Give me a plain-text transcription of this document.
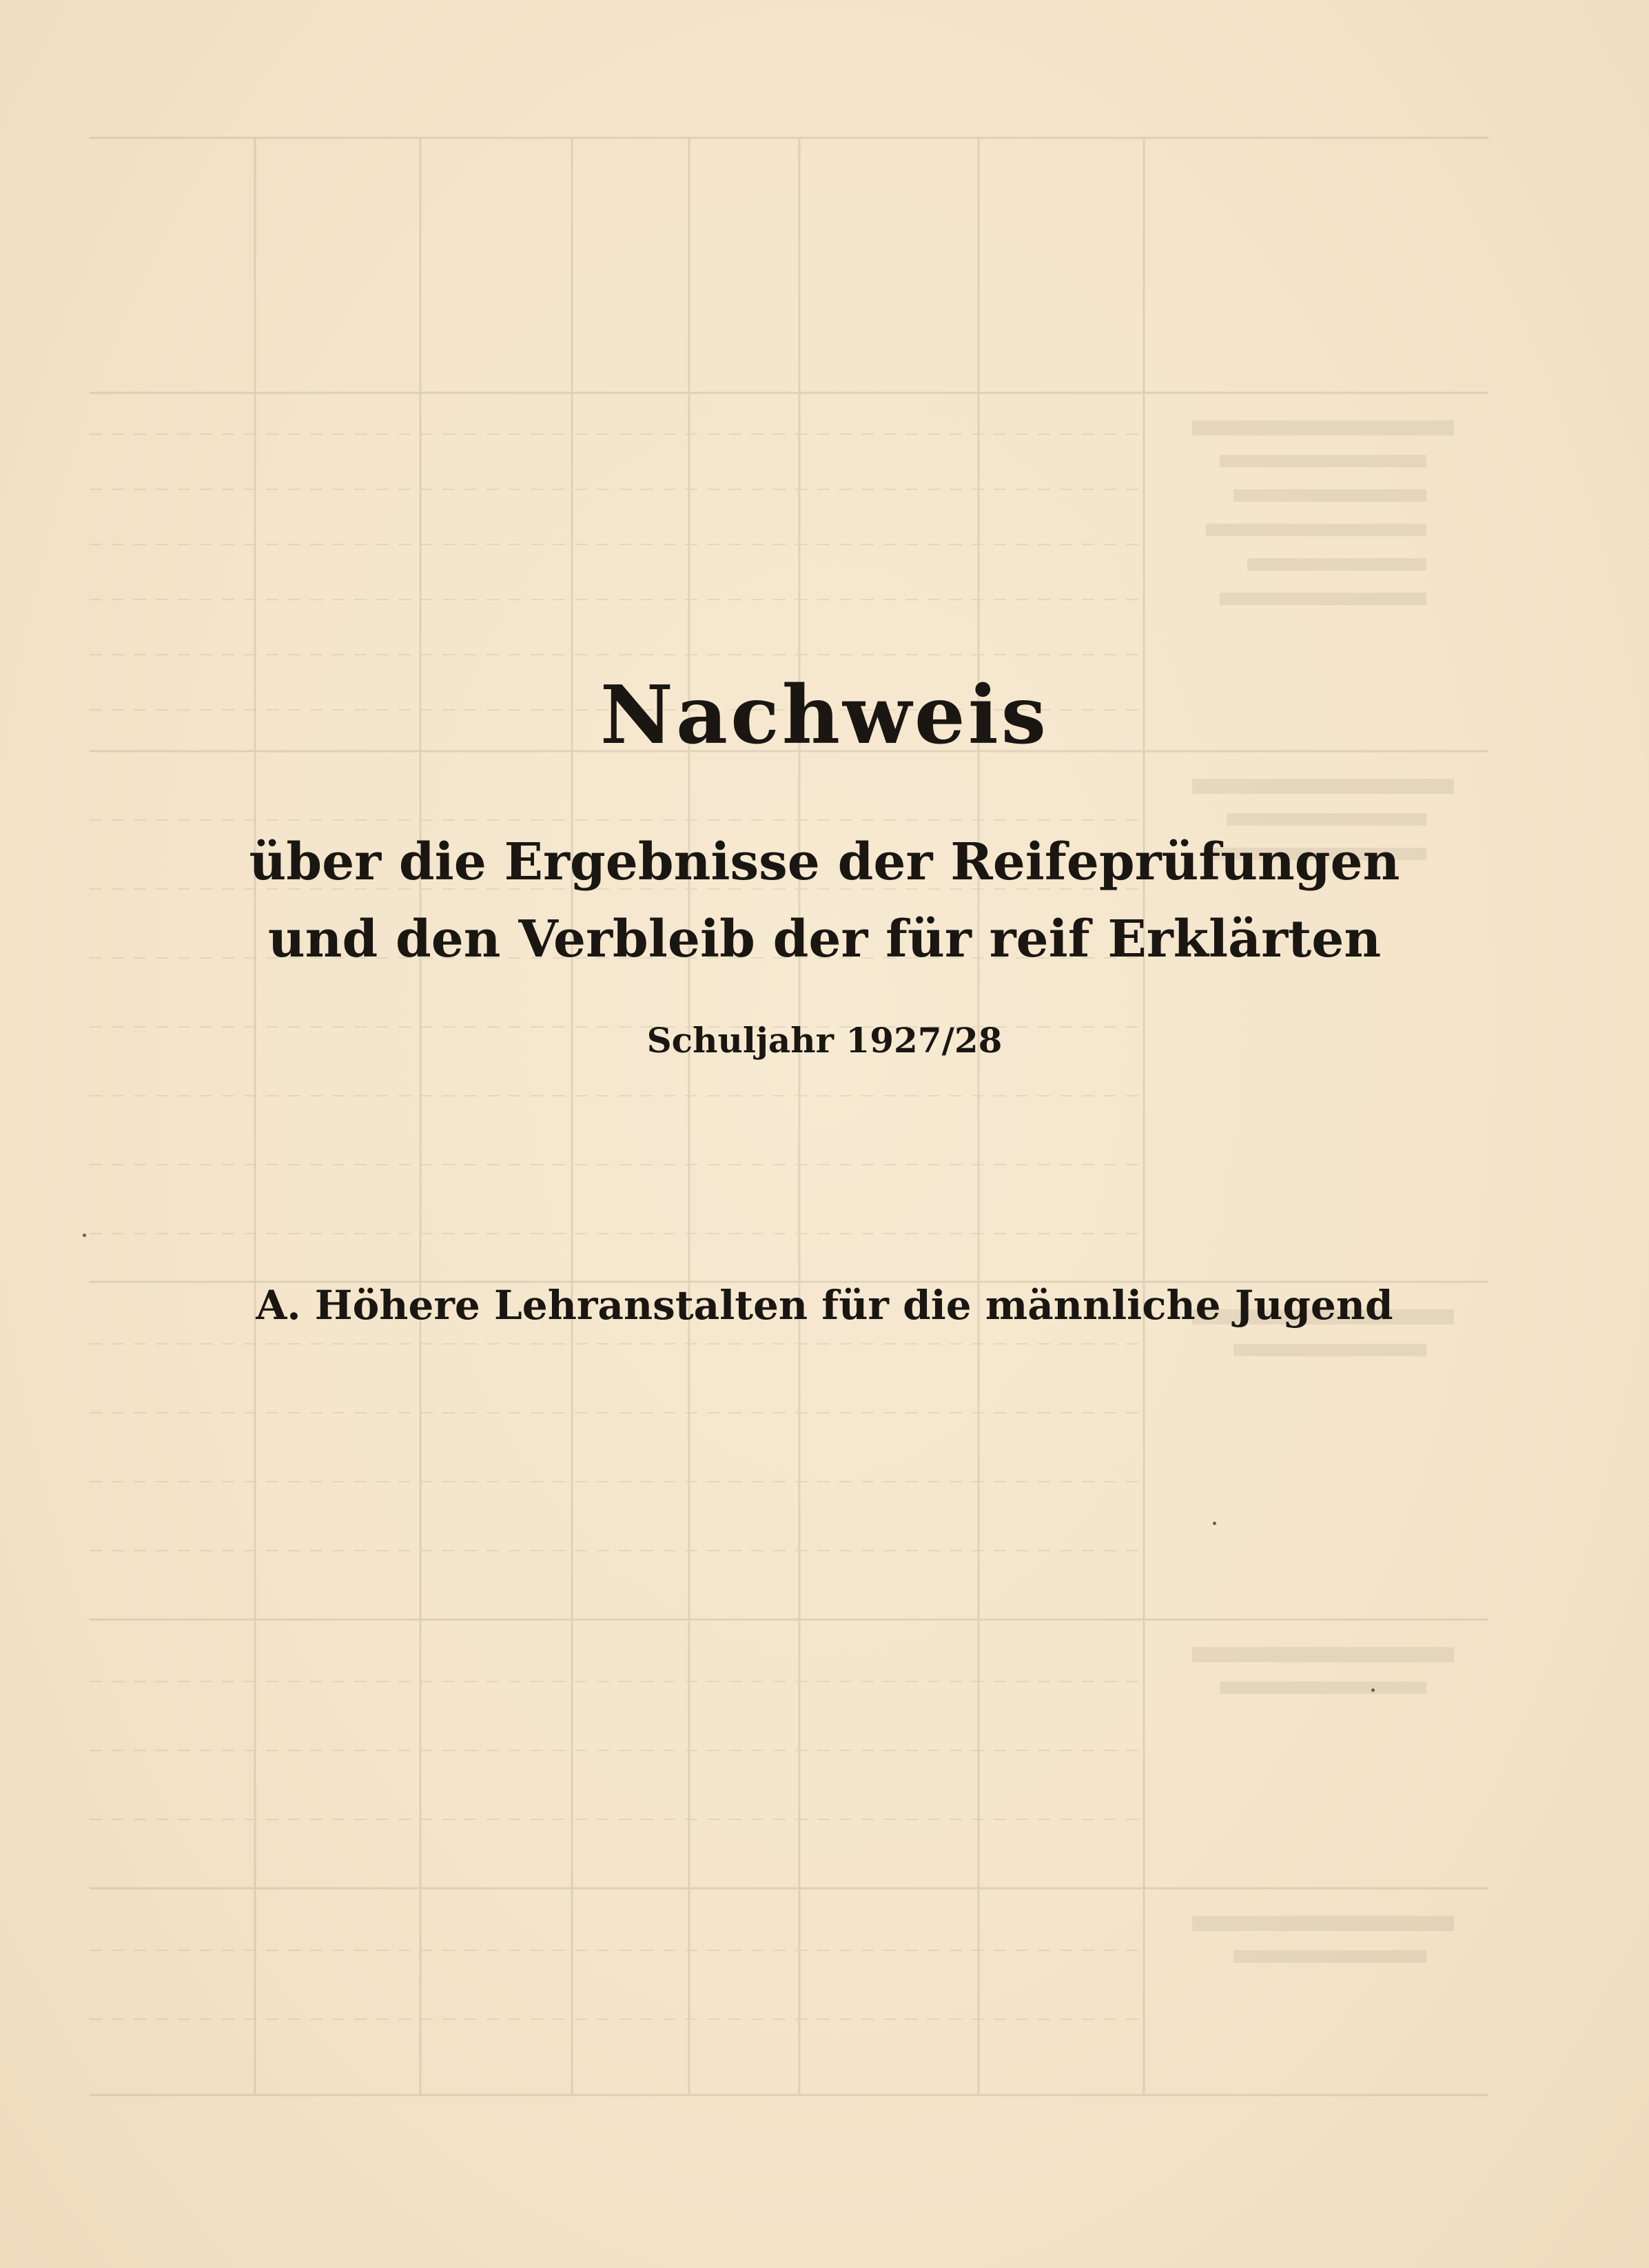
Nachweis
über die Ergebnisse der Reifeprüfungen
und den Verbleib der für reif Erklärten
Schuljahr 1927/28
A. Höhere Lehranstalten für die männliche Jugend
